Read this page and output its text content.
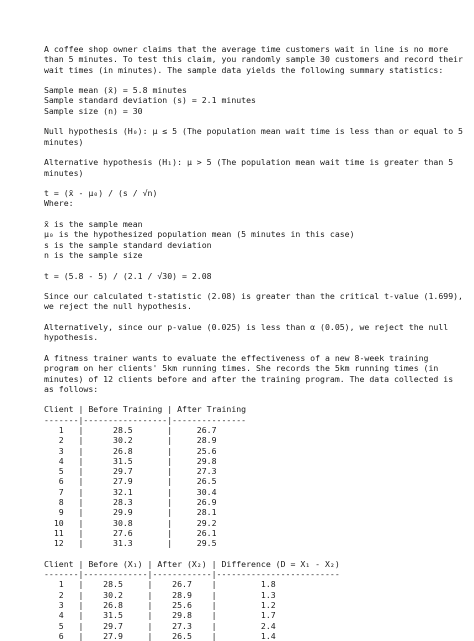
A coffee shop owner claims that the average time customers wait in line is no more than 5 minutes. To test this claim, you randomly sample 30 customers and record their wait times (in minutes). The sample data yields the following summary statistics:
Sample mean (x̄) = 5.8 minutes
Sample standard deviation (s) = 2.1 minutes
Sample size (n) = 30
Null hypothesis (H₀): μ ≤ 5 (The population mean wait time is less than or equal to 5 minutes)
Alternative hypothesis (H₁): μ > 5 (The population mean wait time is greater than 5 minutes)
t = (x̄ - μ₀) / (s / √n)
Where:
x̄ is the sample mean
μ₀ is the hypothesized population mean (5 minutes in this case)
s is the sample standard deviation
n is the sample size
t = (5.8 - 5) / (2.1 / √30) = 2.08
Since our calculated t-statistic (2.08) is greater than the critical t-value (1.699), we reject the null hypothesis.
Alternatively, since our p-value (0.025) is less than α (0.05), we reject the null hypothesis.
A fitness trainer wants to evaluate the effectiveness of a new 8-week training program on her clients' 5km running times. She records the 5km running times (in minutes) of 12 clients before and after the training program. The data collected is as follows:
Client | Before Training | After Training
-------|-----------------|---------------
1   |      28.5       |     26.7
2   |      30.2       |     28.9
3   |      26.8       |     25.6
4   |      31.5       |     29.8
5   |      29.7       |     27.3
6   |      27.9       |     26.5
7   |      32.1       |     30.4
8   |      28.3       |     26.9
9   |      29.9       |     28.1
10   |      30.8       |     29.2
11   |      27.6       |     26.1
12   |      31.3       |     29.5
Client | Before (X₁) | After (X₂) | Difference (D = X₁ - X₂)
-------|-------------|------------|-------------------------
1   |    28.5     |    26.7    |         1.8
2   |    30.2     |    28.9    |         1.3
3   |    26.8     |    25.6    |         1.2
4   |    31.5     |    29.8    |         1.7
5   |    29.7     |    27.3    |         2.4
6   |    27.9     |    26.5    |         1.4
